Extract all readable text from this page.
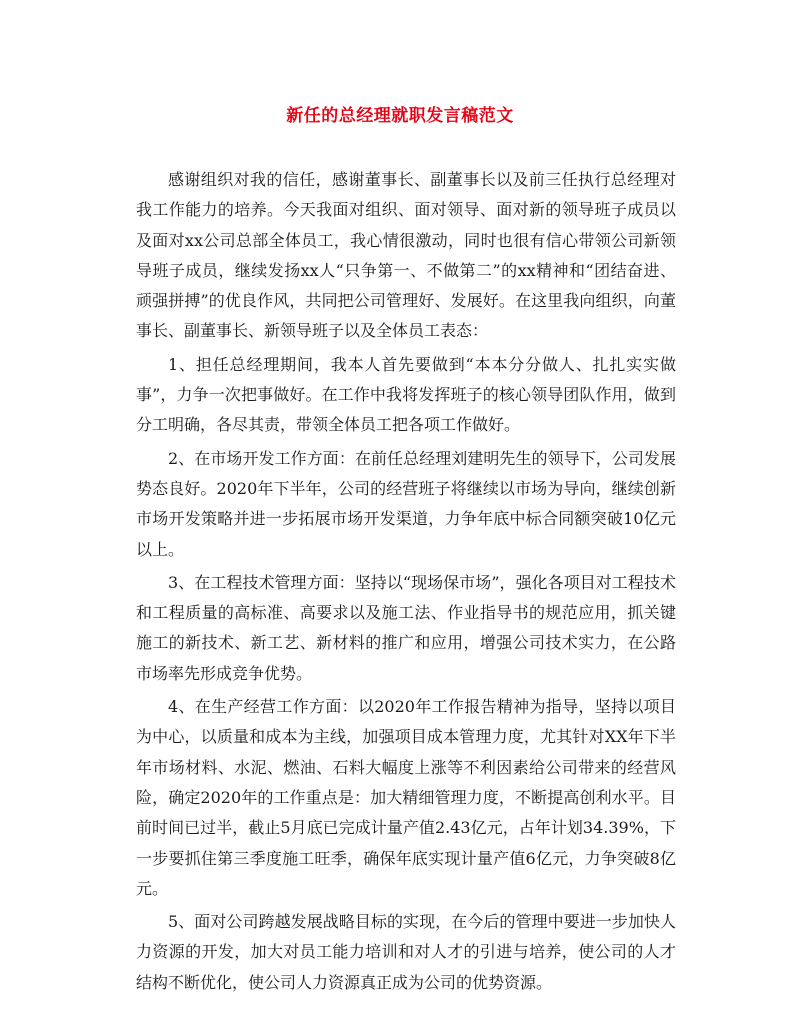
新任的总经理就职发言稿范文

感谢组织对我的信任，感谢董事长、副董事长以及前三任执行总经理对我工作能力的培养。今天我面对组织、面对领导、面对新的领导班子成员以及面对xx公司总部全体员工，我心情很激动，同时也很有信心带领公司新领导班子成员，继续发扬xx人“只争第一、不做第二”的xx精神和“团结奋进、顽强拼搏”的优良作风，共同把公司管理好、发展好。在这里我向组织，向董事长、副董事长、新领导班子以及全体员工表态：

1、担任总经理期间，我本人首先要做到“本本分分做人、扎扎实实做事”，力争一次把事做好。在工作中我将发挥班子的核心领导团队作用，做到分工明确，各尽其责，带领全体员工把各项工作做好。

2、在市场开发工作方面：在前任总经理刘建明先生的领导下，公司发展势态良好。2020年下半年，公司的经营班子将继续以市场为导向，继续创新市场开发策略并进一步拓展市场开发渠道，力争年底中标合同额突破10亿元以上。

3、在工程技术管理方面：坚持以“现场保市场”，强化各项目对工程技术和工程质量的高标准、高要求以及施工法、作业指导书的规范应用，抓关键施工的新技术、新工艺、新材料的推广和应用，增强公司技术实力，在公路市场率先形成竞争优势。

4、在生产经营工作方面：以2020年工作报告精神为指导，坚持以项目为中心，以质量和成本为主线，加强项目成本管理力度，尤其针对XX年下半年市场材料、水泥、燃油、石料大幅度上涨等不利因素给公司带来的经营风险，确定2020年的工作重点是：加大精细管理力度，不断提高创利水平。目前时间已过半，截止5月底已完成计量产值2.43亿元，占年计划34.39%，下一步要抓住第三季度施工旺季，确保年底实现计量产值6亿元，力争突破8亿元。

5、面对公司跨越发展战略目标的实现，在今后的管理中要进一步加快人力资源的开发，加大对员工能力培训和对人才的引进与培养，使公司的人才结构不断优化，使公司人力资源真正成为公司的优势资源。
